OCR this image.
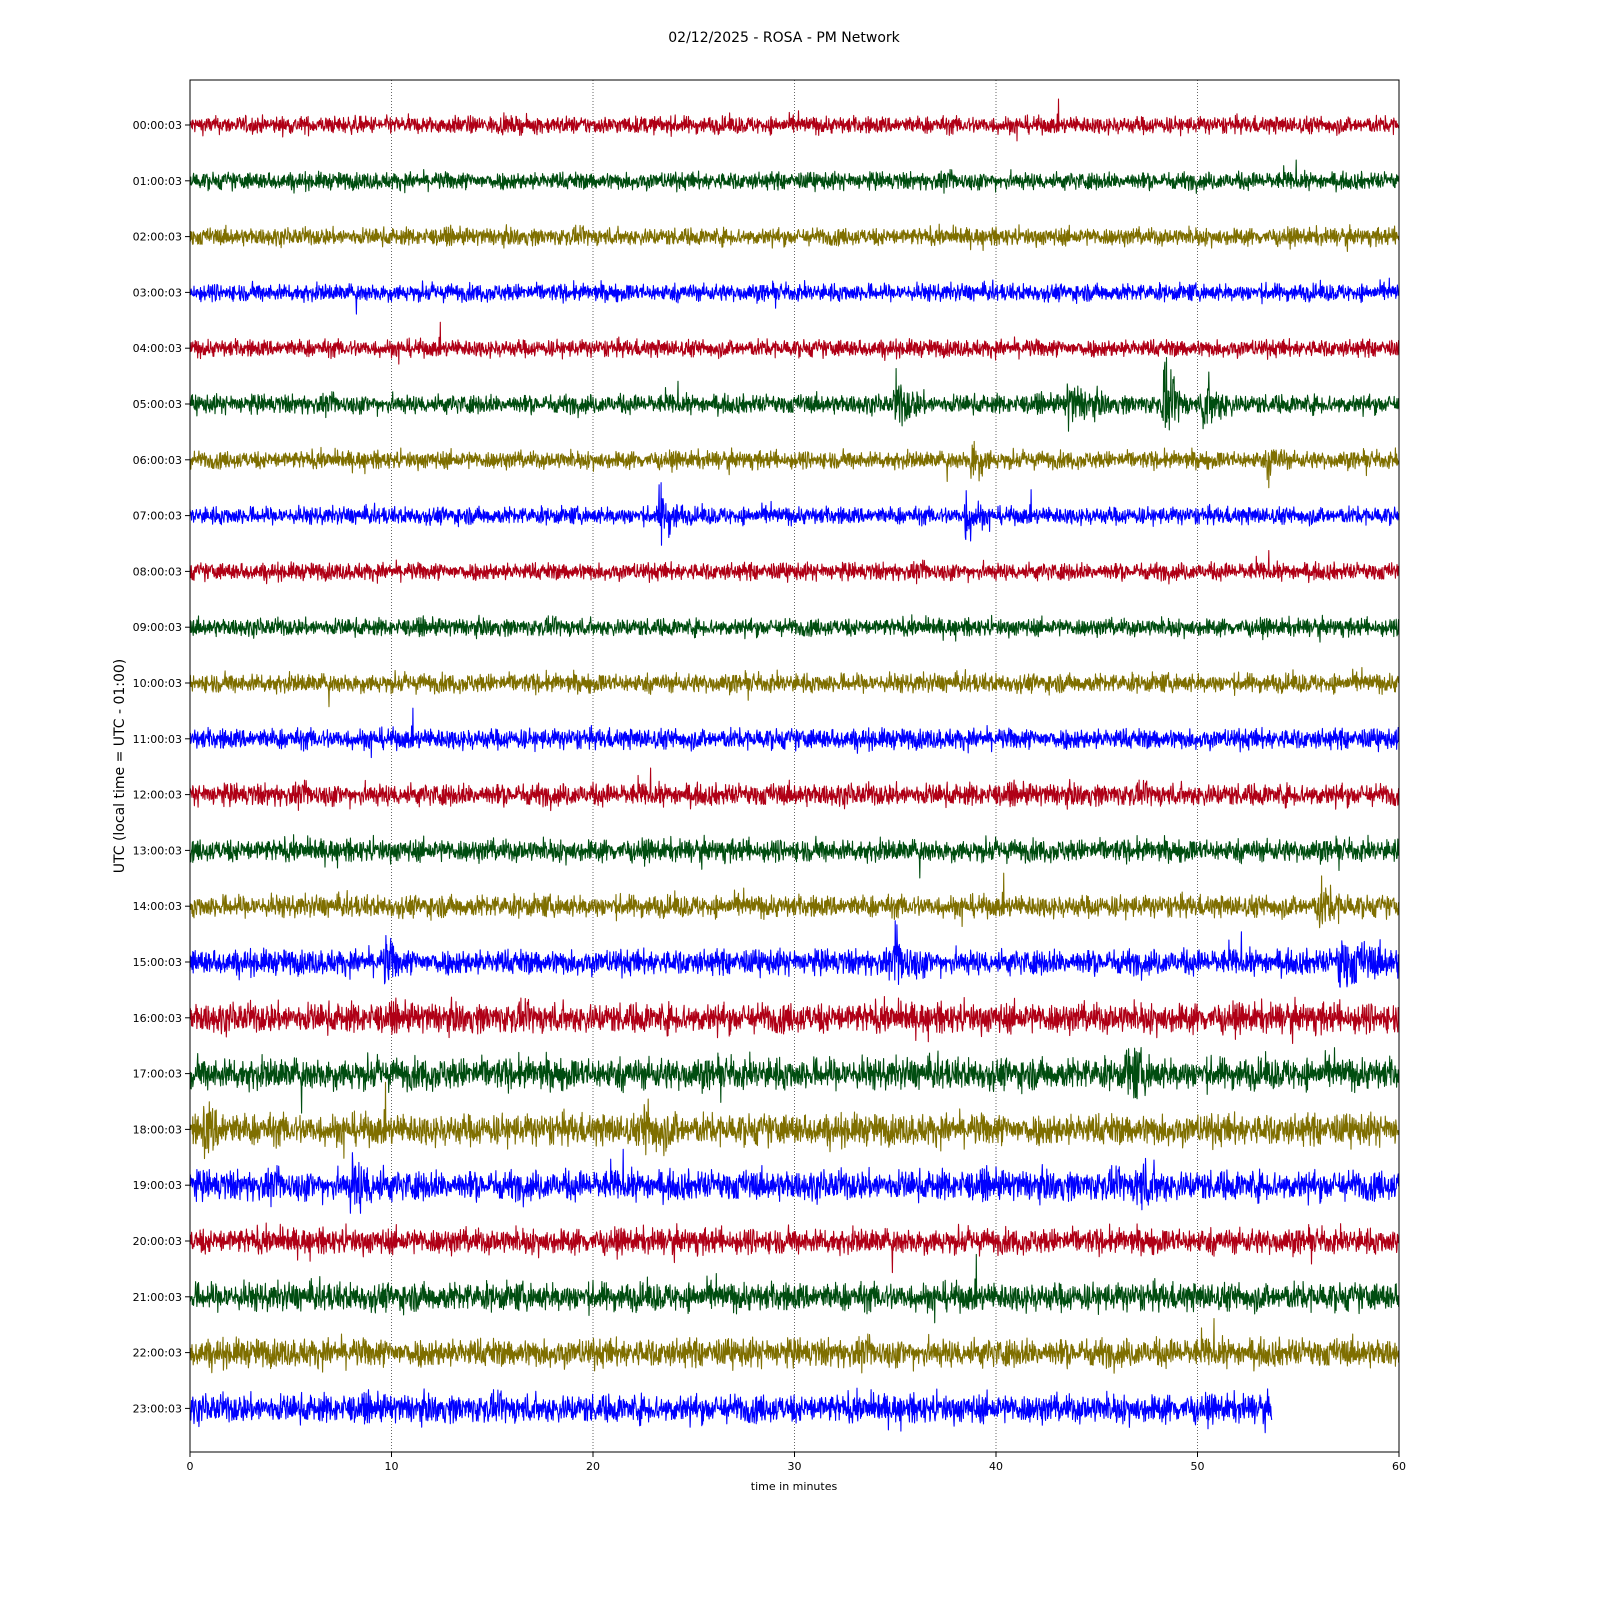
02/12/2025 - ROSA - PM Network
0	10	20	30	40	50	60
00:00:03
01:00:03
02:00:03
03:00:03
04:00:03
05:00:03
06:00:03
07:00:03
08:00:03
09:00:03
10:00:03
11:00:03
12:00:03
13:00:03
14:00:03
15:00:03
16:00:03
17:00:03
18:00:03
19:00:03
20:00:03
21:00:03
22:00:03
23:00:03
time in minutes
UTC (local time = UTC - 01:00)
